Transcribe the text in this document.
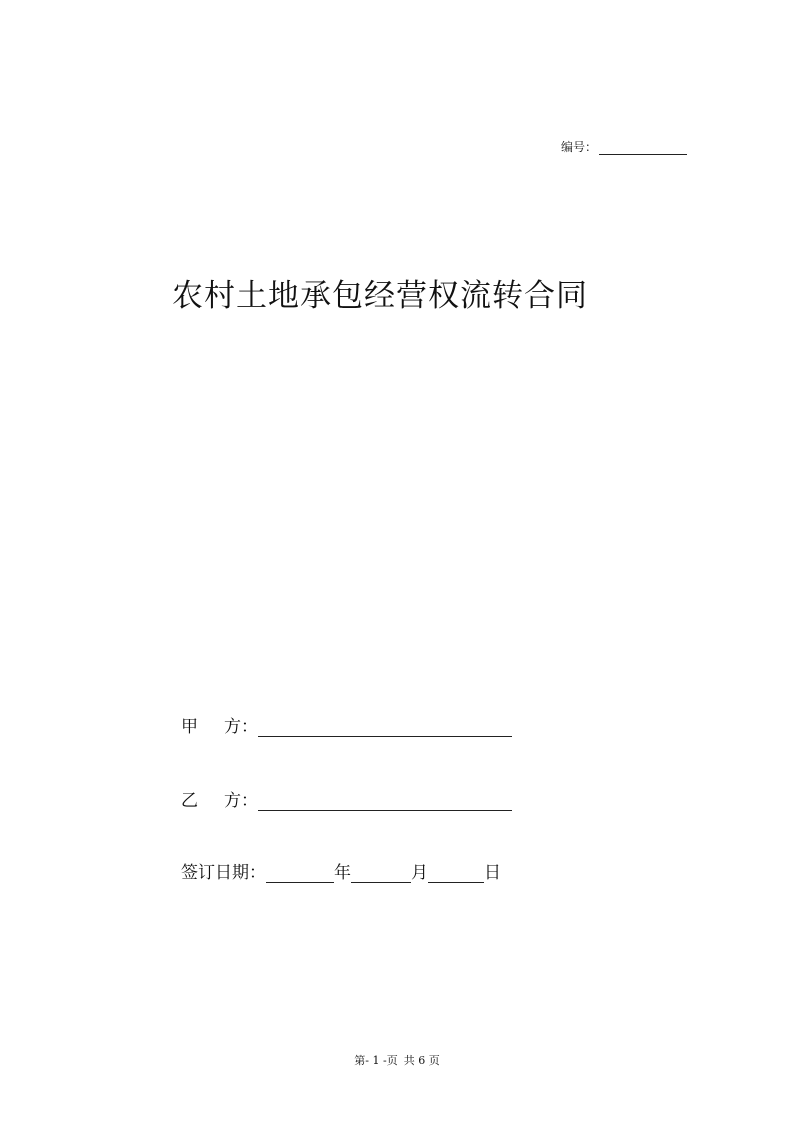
编号：
农村土地承包经营权流转合同
甲	方：
乙	方：
签订日期：	年	月	日
第- 1 -页 共 6 页
